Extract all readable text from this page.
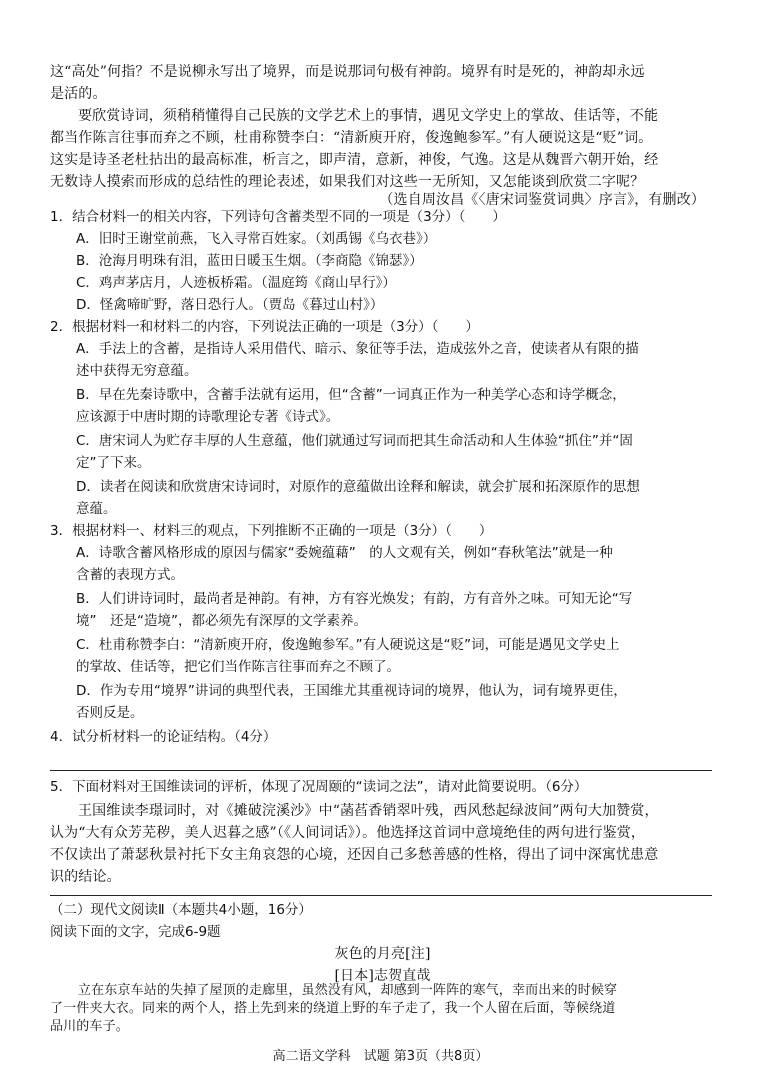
这“高处”何指？不是说柳永写出了境界，而是说那词句极有神韵。境界有时是死的，神韵却永远
是活的。
要欣赏诗词，须稍稍懂得自己民族的文学艺术上的事情，遇见文学史上的掌故、佳话等，不能
都当作陈言往事而弃之不顾，杜甫称赞李白：“清新庾开府，俊逸鲍参军。”有人硬说这是“贬”词。
这实是诗圣老杜拈出的最高标准，析言之，即声清，意新，神俊，气逸。这是从魏晋六朝开始，经
无数诗人摸索而形成的总结性的理论表述，如果我们对这些一无所知，又怎能谈到欣赏二字呢？
（选自周汝昌《〈唐宋词鉴赏词典〉序言》，有删改）
1．结合材料一的相关内容，下列诗句含蓄类型不同的一项是（3分）（　　）
A．旧时王谢堂前燕，飞入寻常百姓家。（刘禹锡《乌衣巷》）
B．沧海月明珠有泪，蓝田日暖玉生烟。（李商隐《锦瑟》）
C．鸡声茅店月，人迹板桥霜。（温庭筠《商山早行》）
D．怪禽啼旷野，落日恐行人。（贾岛《暮过山村》）
2．根据材料一和材料二的内容，下列说法正确的一项是（3分）（　　）
A．手法上的含蓄，是指诗人采用借代、暗示、象征等手法，造成弦外之音，使读者从有限的描
述中获得无穷意蕴。
B．早在先秦诗歌中，含蓄手法就有运用，但“含蓄”一词真正作为一种美学心态和诗学概念，
应该源于中唐时期的诗歌理论专著《诗式》。
C．唐宋词人为贮存丰厚的人生意蕴，他们就通过写词而把其生命活动和人生体验“抓住”并“固
定”了下来。
D．读者在阅读和欣赏唐宋诗词时，对原作的意蕴做出诠释和解读，就会扩展和拓深原作的思想
意蕴。
3．根据材料一、材料三的观点，下列推断不正确的一项是（3分）（　　）
A．诗歌含蓄风格形成的原因与儒家“委婉蕴藉”　的人文观有关，例如“春秋笔法”就是一种
含蓄的表现方式。
B．人们讲诗词时，最尚者是神韵。有神，方有容光焕发；有韵，方有音外之味。可知无论“写
境”　还是“造境”，都必须先有深厚的文学素养。
C．杜甫称赞李白：“清新庾开府，俊逸鲍参军。”有人硬说这是“贬”词，可能是遇见文学史上
的掌故、佳话等，把它们当作陈言往事而弃之不顾了。
D．作为专用“境界”讲词的典型代表，王国维尤其重视诗词的境界，他认为，词有境界更佳，
否则反是。
4．试分析材料一的论证结构。（4分）
5．下面材料对王国维读词的评析，体现了况周颐的“读词之法”，请对此简要说明。（6分）
王国维读李璟词时，对《摊破浣溪沙》中“菡萏香销翠叶残，西风愁起绿波间”两句大加赞赏，
认为“大有众芳芜秽，美人迟暮之感”（《人间词话》）。他选择这首词中意境绝佳的两句进行鉴赏，
不仅读出了萧瑟秋景衬托下女主角哀怨的心境，还因自己多愁善感的性格，得出了词中深寓忧患意
识的结论。
（二）现代文阅读Ⅱ（本题共4小题，16分）
阅读下面的文字，完成6-9题
灰色的月亮[注]
[日本]志贺直哉
立在东京车站的失掉了屋顶的走廊里，虽然没有风，却感到一阵阵的寒气，幸而出来的时候穿
了一件夹大衣。同来的两个人，搭上先到来的绕道上野的车子走了，我一个人留在后面，等候绕道
高二语文学科　试题 第3页（共8页）
品川的车子。
